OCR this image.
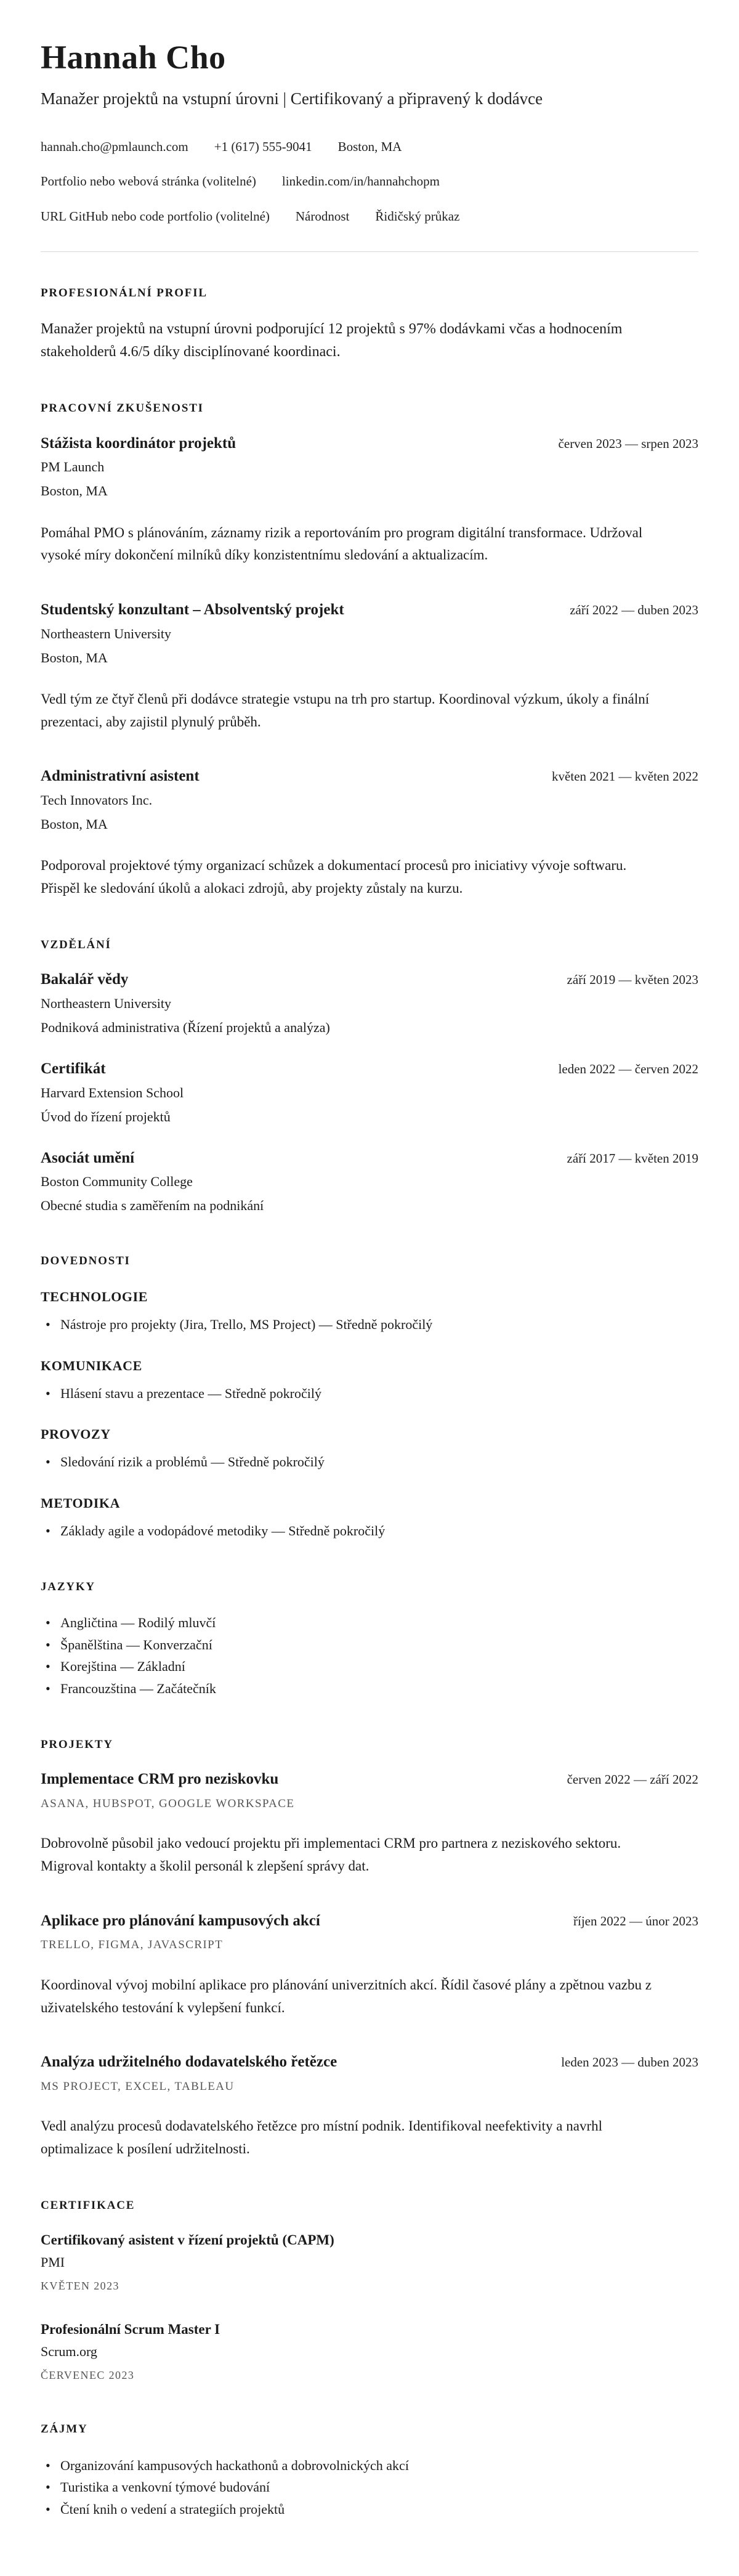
Hannah Cho
Manažer projektů na vstupní úrovni | Certifikovaný a připravený k dodávce
hannah.cho@pmlaunch.com +1 (617) 555-9041 Boston, MA
Portfolio nebo webová stránka (volitelné) linkedin.com/in/hannahchopm
URL GitHub nebo code portfolio (volitelné) Národnost Řidičský průkaz
PROFESIONÁLNÍ PROFIL

Manažer projektů na vstupní úrovni podporující 12 projektů s 97% dodávkami včas a hodnocením stakeholderů 4.6/5 díky disciplínované koordinaci.

PRACOVNÍ ZKUŠENOSTI
Stážista koordinátor projektů	červen 2023 — srpen 2023
PM Launch
Boston, MA

Pomáhal PMO s plánováním, záznamy rizik a reportováním pro program digitální transformace. Udržoval vysoké míry dokončení milníků díky konzistentnímu sledování a aktualizacím.

Studentský konzultant – Absolventský projekt	září 2022 — duben 2023
Northeastern University
Boston, MA

Vedl tým ze čtyř členů při dodávce strategie vstupu na trh pro startup. Koordinoval výzkum, úkoly a finální prezentaci, aby zajistil plynulý průběh.

Administrativní asistent	květen 2021 — květen 2022
Tech Innovators Inc.
Boston, MA

Podporoval projektové týmy organizací schůzek a dokumentací procesů pro iniciativy vývoje softwaru. Přispěl ke sledování úkolů a alokaci zdrojů, aby projekty zůstaly na kurzu.

VZDĚLÁNÍ
Bakalář vědy	září 2019 — květen 2023
Northeastern University
Podniková administrativa (Řízení projektů a analýza)
Certifikát	leden 2022 — červen 2022
Harvard Extension School
Úvod do řízení projektů
Asociát umění	září 2017 — květen 2019
Boston Community College
Obecné studia s zaměřením na podnikání
DOVEDNOSTI
TECHNOLOGIE
• Nástroje pro projekty (Jira, Trello, MS Project) — Středně pokročilý
KOMUNIKACE
• Hlásení stavu a prezentace — Středně pokročilý
PROVOZY
• Sledování rizik a problémů — Středně pokročilý
METODIKA
• Základy agile a vodopádové metodiky — Středně pokročilý
JAZYKY
• Angličtina — Rodilý mluvčí
• Španělština — Konverzační
• Korejština — Základní
• Francouzština — Začátečník
PROJEKTY
Implementace CRM pro neziskovku	červen 2022 — září 2022
ASANA, HUBSPOT, GOOGLE WORKSPACE

Dobrovolně působil jako vedoucí projektu při implementaci CRM pro partnera z neziskového sektoru. Migroval kontakty a školil personál k zlepšení správy dat.

Aplikace pro plánování kampusových akcí	říjen 2022 — únor 2023
TRELLO, FIGMA, JAVASCRIPT

Koordinoval vývoj mobilní aplikace pro plánování univerzitních akcí. Řídil časové plány a zpětnou vazbu z uživatelského testování k vylepšení funkcí.

Analýza udržitelného dodavatelského řetězce	leden 2023 — duben 2023
MS PROJECT, EXCEL, TABLEAU

Vedl analýzu procesů dodavatelského řetězce pro místní podnik. Identifikoval neefektivity a navrhl optimalizace k posílení udržitelnosti.

CERTIFIKACE
Certifikovaný asistent v řízení projektů (CAPM)
PMI
KVĚTEN 2023
Profesionální Scrum Master I
Scrum.org
ČERVENEC 2023
ZÁJMY
• Organizování kampusových hackathonů a dobrovolnických akcí
• Turistika a venkovní týmové budování
• Čtení knih o vedení a strategiích projektů
